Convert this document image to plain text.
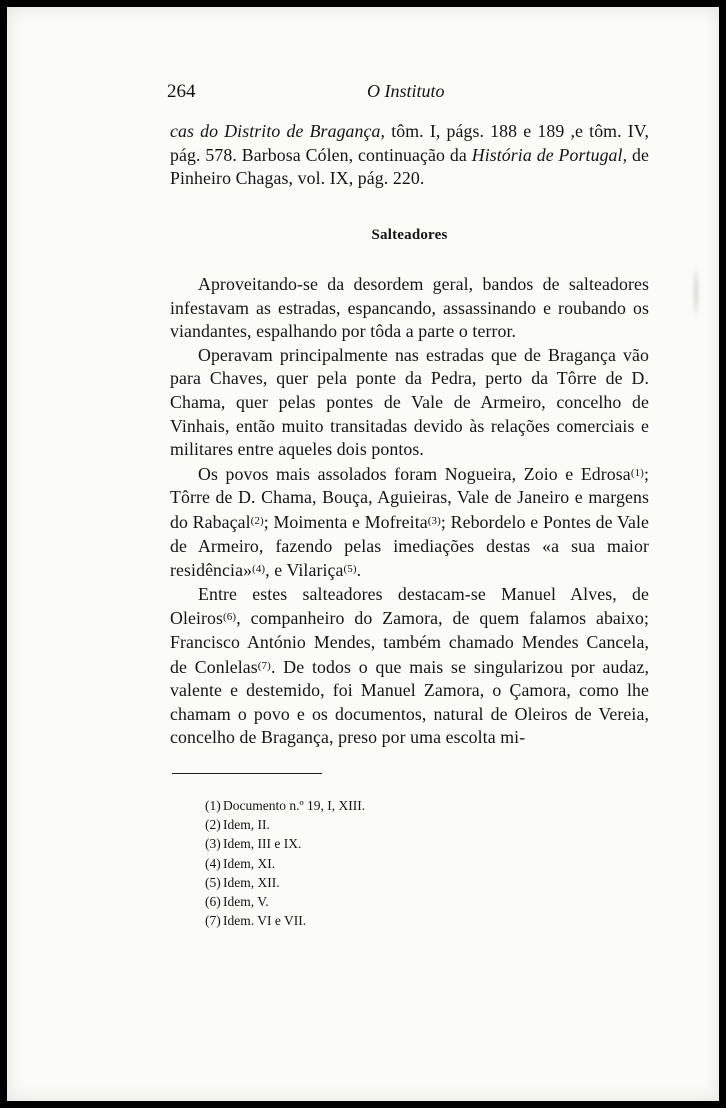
264	O Instituto

cas do Distrito de Bragança, tôm. I, págs. 188 e 189 ,e tôm. IV, pág. 578. Barbosa Cólen, continuação da História de Portugal, de Pinheiro Chagas, vol. IX, pág. 220.

Salteadores

Aproveitando-se da desordem geral, bandos de salteadores infestavam as estradas, espancando, assassinando e roubando os viandantes, espalhando por tôda a parte o terror.

Operavam principalmente nas estradas que de Bragança vão para Chaves, quer pela ponte da Pedra, perto da Tôrre de D. Chama, quer pelas pontes de Vale de Armeiro, concelho de Vinhais, então muito transitadas devido às relações comerciais e militares entre aqueles dois pontos.

Os povos mais assolados foram Nogueira, Zoio e Edrosa$^{(1)}$; Tôrre de D. Chama, Bouça, Aguieiras, Vale de Janeiro e margens do Rabaçal$^{(2)}$; Moimenta e Mofreita$^{(3)}$; Rebordelo e Pontes de Vale de Armeiro, fazendo pelas imediações destas «a sua maior residência»$^{(4)}$, e Vilariça$^{(5)}$.

Entre estes salteadores destacam-se Manuel Alves, de Oleiros$^{(6)}$, companheiro do Zamora, de quem falamos abaixo; Francisco António Mendes, também chamado Mendes Cancela, de Conlelas$^{(7)}$. De todos o que mais se singularizou por audaz, valente e destemido, foi Manuel Zamora, o Çamora, como lhe chamam o povo e os documentos, natural de Oleiros de Vereia, concelho de Bragança, preso por uma escolta mi-

(1) Documento n.º 19, I, XIII.
(2) Idem, II.
(3) Idem, III e IX.
(4) Idem, XI.
(5) Idem, XII.
(6) Idem, V.
(7) Idem. VI e VII.
